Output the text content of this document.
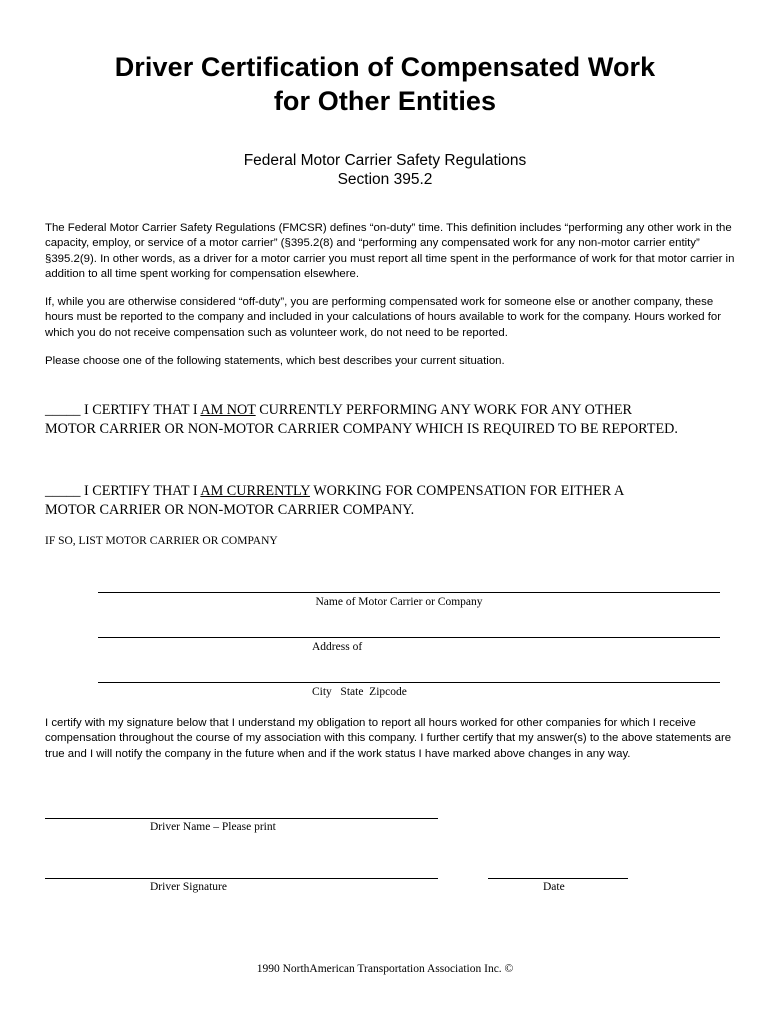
Driver Certification of Compensated Work
for Other Entities
Federal Motor Carrier Safety Regulations
Section 395.2
The Federal Motor Carrier Safety Regulations (FMCSR) defines “on-duty” time. This definition includes “performing any other work in the capacity, employ, or service of a motor carrier” (§395.2(8) and “performing any compensated work for any non-motor carrier entity” §395.2(9). In other words, as a driver for a motor carrier you must report all time spent in the performance of work for that motor carrier in addition to all time spent working for compensation elsewhere.
If, while you are otherwise considered “off-duty”, you are performing compensated work for someone else or another company, these hours must be reported to the company and included in your calculations of hours available to work for the company. Hours worked for which you do not receive compensation such as volunteer work, do not need to be reported.
Please choose one of the following statements, which best describes your current situation.
_____ I CERTIFY THAT I AM NOT CURRENTLY PERFORMING ANY WORK FOR ANY OTHER
MOTOR CARRIER OR NON-MOTOR CARRIER COMPANY WHICH IS REQUIRED TO BE REPORTED.
_____ I CERTIFY THAT I AM CURRENTLY WORKING FOR COMPENSATION FOR EITHER A
MOTOR CARRIER OR NON-MOTOR CARRIER COMPANY.
IF SO, LIST MOTOR CARRIER OR COMPANY
Name of Motor Carrier or Company
Address of
City   State  Zipcode
I certify with my signature below that I understand my obligation to report all hours worked for other companies for which I receive compensation throughout the course of my association with this company. I further certify that my answer(s) to the above statements are true and I will notify the company in the future when and if the work status I have marked above changes in any way.
Driver Name – Please print
Driver Signature	Date
1990 NorthAmerican Transportation Association Inc. ©
